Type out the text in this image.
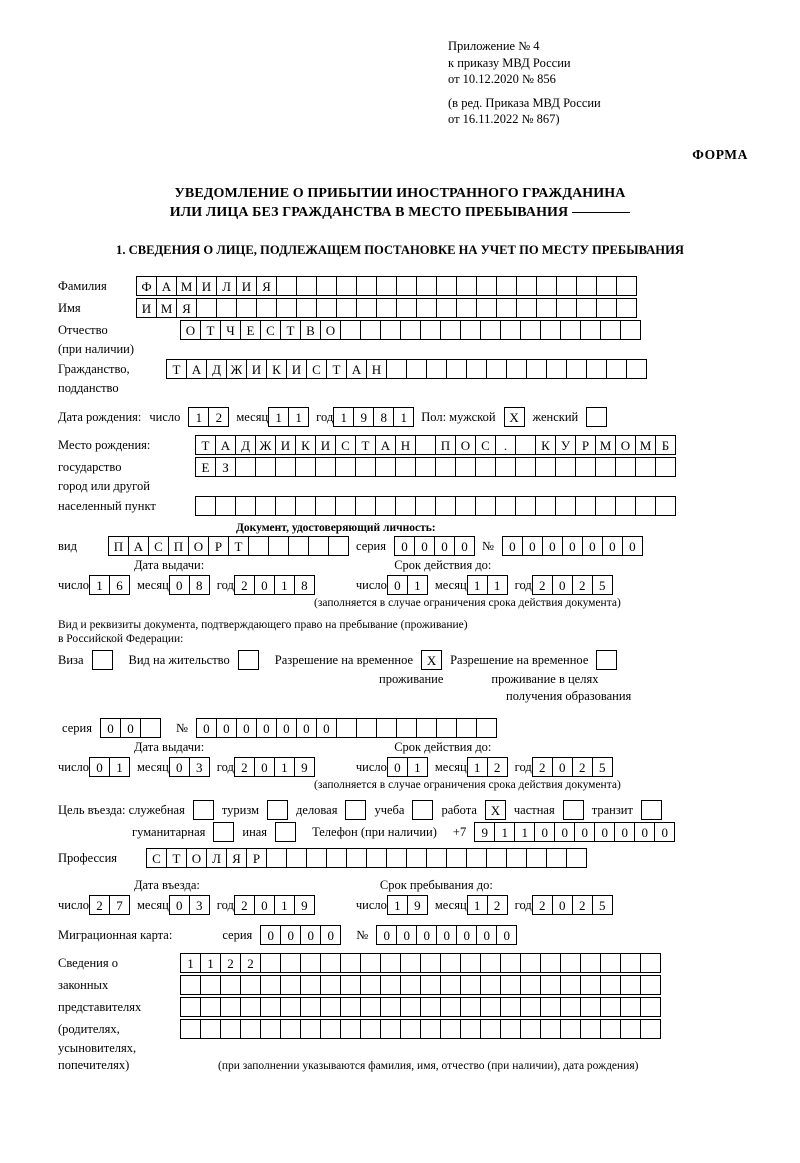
Приложение № 4
к приказу МВД России
от 10.12.2020 № 856
(в ред. Приказа МВД России
от 16.11.2022 № 867)
ФОРМА
УВЕДОМЛЕНИЕ О ПРИБЫТИИ ИНОСТРАННОГО ГРАЖДАНИНА
ИЛИ ЛИЦА БЕЗ ГРАЖДАНСТВА В МЕСТО ПРЕБЫВАНИЯ
1. СВЕДЕНИЯ О ЛИЦЕ, ПОДЛЕЖАЩЕМ ПОСТАНОВКЕ НА УЧЕТ ПО МЕСТУ ПРЕБЫВАНИЯ
Фамилия	Ф А М И Л И Я
Имя	И М Я
Отчество	О Т Ч Е С Т В О
(при наличии)
Гражданство,	Т А Д Ж И К И С Т А Н
подданство
Дата рождения: число	1	2	месяц 1	1	год 1	9	8	1	Пол: мужской	Х	женский
Место рождения:	Т А Д Ж И К И С Т А Н	П О С	.	К У Р М О М Б
государство	Е З
город или другой
населенный пункт
Документ, удостоверяющий личность:
вид	П А С П О Р Т	серия	0	0	0	0	№	0	0	0	0	0	0	0
Дата выдачи:	Срок действия до:
число 1	6	месяц 0	8	год 2	0	1	8	число 0	1	месяц 1	1	год 2	0	2	5
(заполняется в случае ограничения срока действия документа)
Вид и реквизиты документа, подтверждающего право на пребывание (проживание)
в Российской Федерации:
Виза	Вид на жительство	Разрешение на временное	Х	Разрешение на временное
проживание	проживание в целях
получения образования
серия	0	0	№	0	0	0	0	0	0	0
Дата выдачи:	Срок действия до:
число 0	1	месяц 0	3	год 2	0	1	9	число 0	1	месяц 1	2	год 2	0	2	5
(заполняется в случае ограничения срока действия документа)
Цель въезда: служебная	туризм	деловая	учеба	работа	Х	частная	транзит
гуманитарная	иная	Телефон (при наличии) +7	9	1	1	0	0	0	0	0	0	0
Профессия	С Т О Л Я Р
Дата въезда:	Срок пребывания до:
число 2	7	месяц 0	3	год 2	0	1	9	число 1	9	месяц 1	2	год 2	0	2	5
Миграционная карта:	серия	0	0	0	0	№	0	0	0	0	0	0	0
Сведения о	1	1	2	2
законных
представителях
(родителях,
усыновителях,
попечителях)	(при заполнении указываются фамилия, имя, отчество (при наличии), дата рождения)
